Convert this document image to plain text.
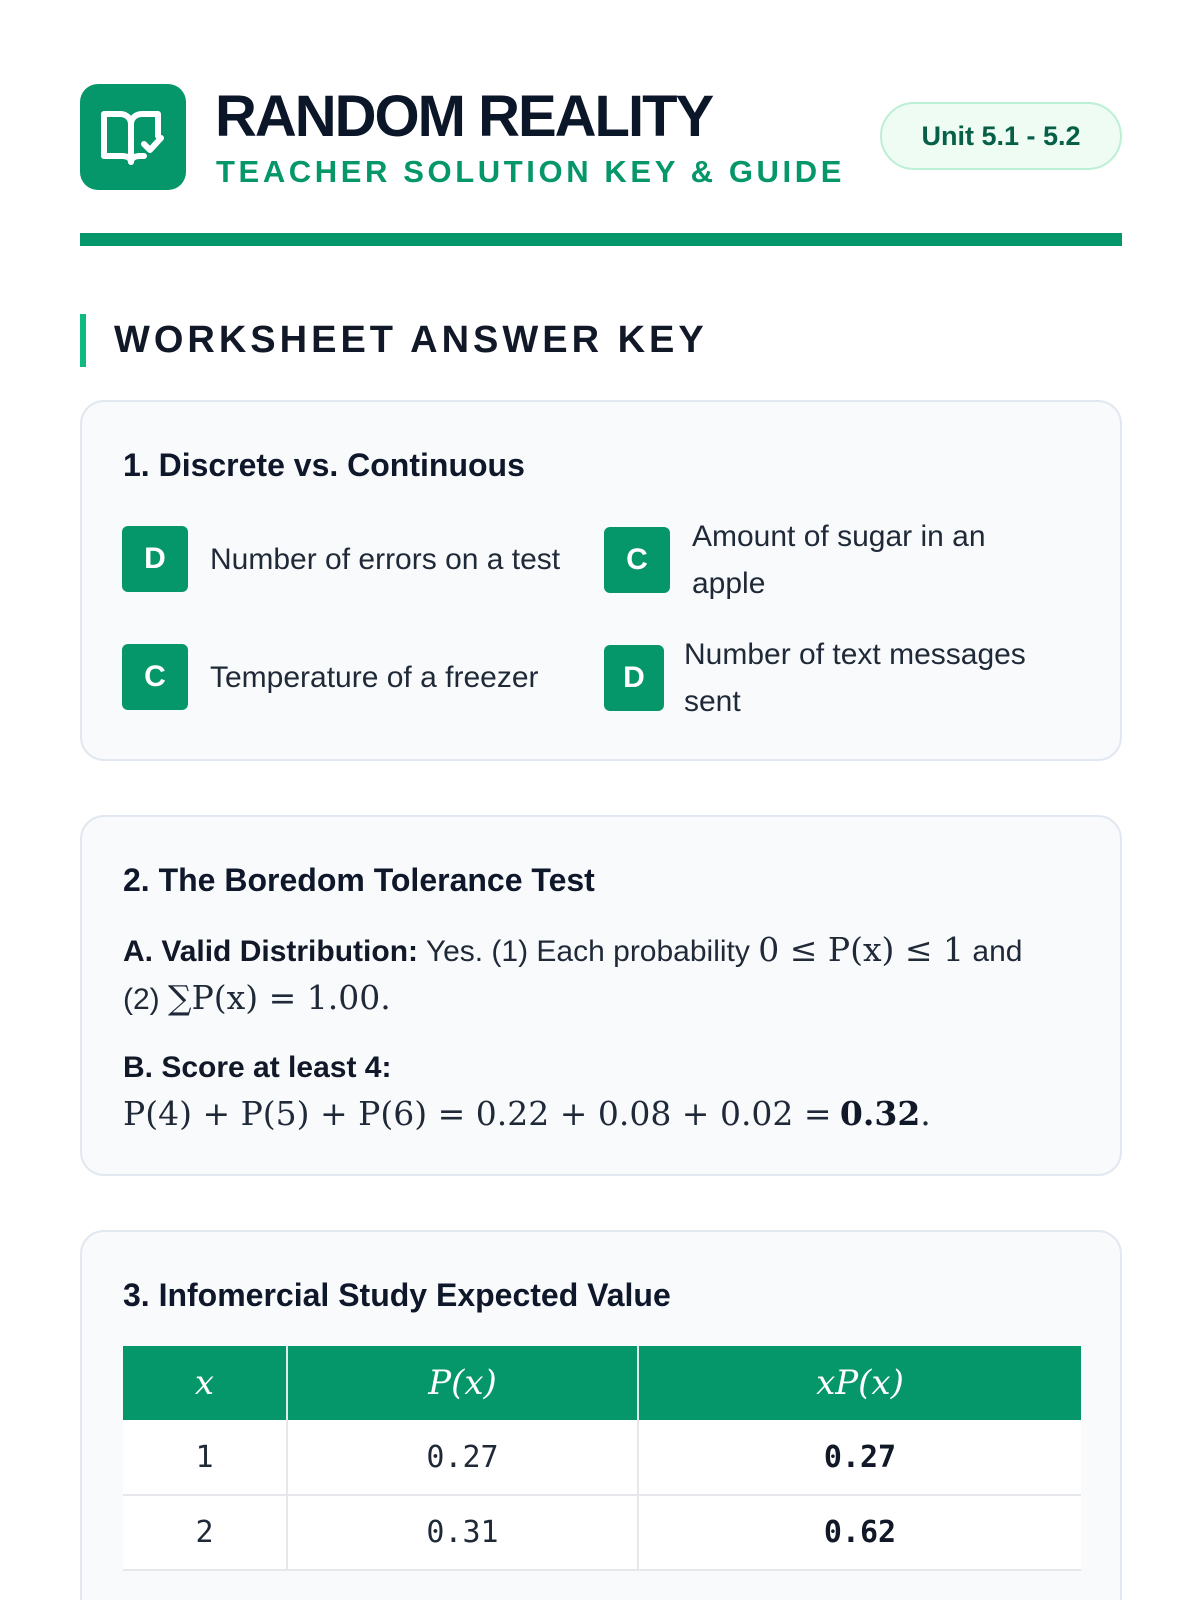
RANDOM REALITY
TEACHER SOLUTION KEY & GUIDE
Unit 5.1 - 5.2
WORKSHEET ANSWER KEY
1. Discrete vs. Continuous
D	Number of errors on a test	C
Amount of sugar in an apple
C	Temperature of a freezer	D
Number of text messages sent
2. The Boredom Tolerance Test
A. Valid Distribution: Yes. (1) Each probability 0 ≤ P(x) ≤ 1 and
(2) ∑P(x) = 1.00.
B. Score at least 4:
P(4) + P(5) + P(6) = 0.22 + 0.08 + 0.02 = 0.32.
3. Infomercial Study Expected Value
x	P(x)	xP(x)
1	0.27	0.27
2	0.31	0.62
